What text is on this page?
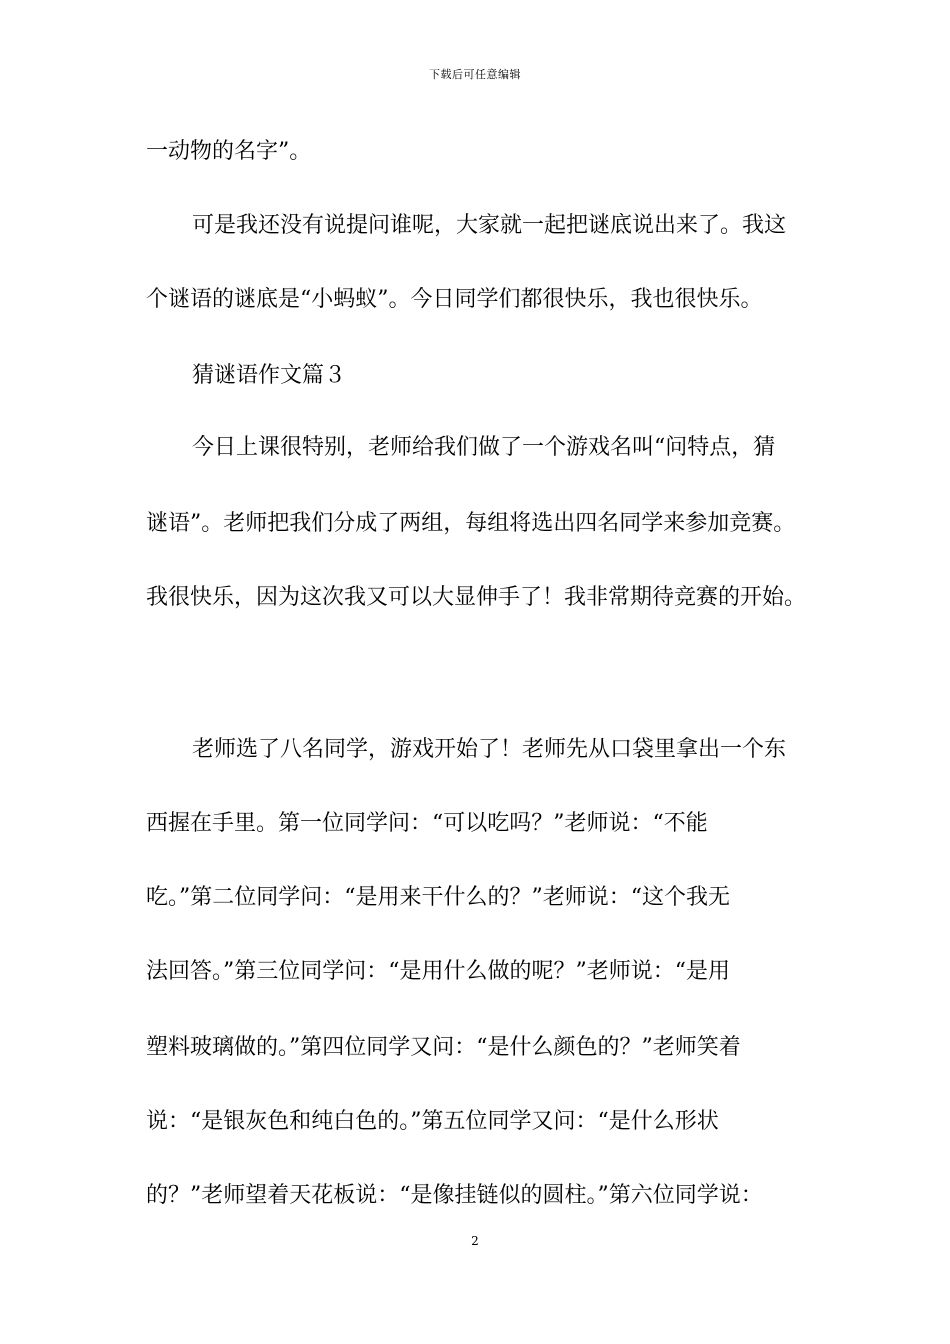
下载后可任意编辑
一动物的名字”。
可是我还没有说提问谁呢，大家就一起把谜底说出来了。我这
个谜语的谜底是“小蚂蚁”。今日同学们都很快乐，我也很快乐。
猜谜语作文篇３
今日上课很特别，老师给我们做了一个游戏名叫“问特点，猜
谜语”。老师把我们分成了两组，每组将选出四名同学来参加竞赛。
我很快乐，因为这次我又可以大显伸手了！我非常期待竞赛的开始。
老师选了八名同学，游戏开始了！老师先从口袋里拿出一个东
西握在手里。第一位同学问：“可以吃吗？”老师说：“不能
吃。”第二位同学问：“是用来干什么的？”老师说：“这个我无
法回答。”第三位同学问：“是用什么做的呢？”老师说：“是用
塑料玻璃做的。”第四位同学又问：“是什么颜色的？”老师笑着
说：“是银灰色和纯白色的。”第五位同学又问：“是什么形状
的？”老师望着天花板说：“是像挂链似的圆柱。”第六位同学说：
2
